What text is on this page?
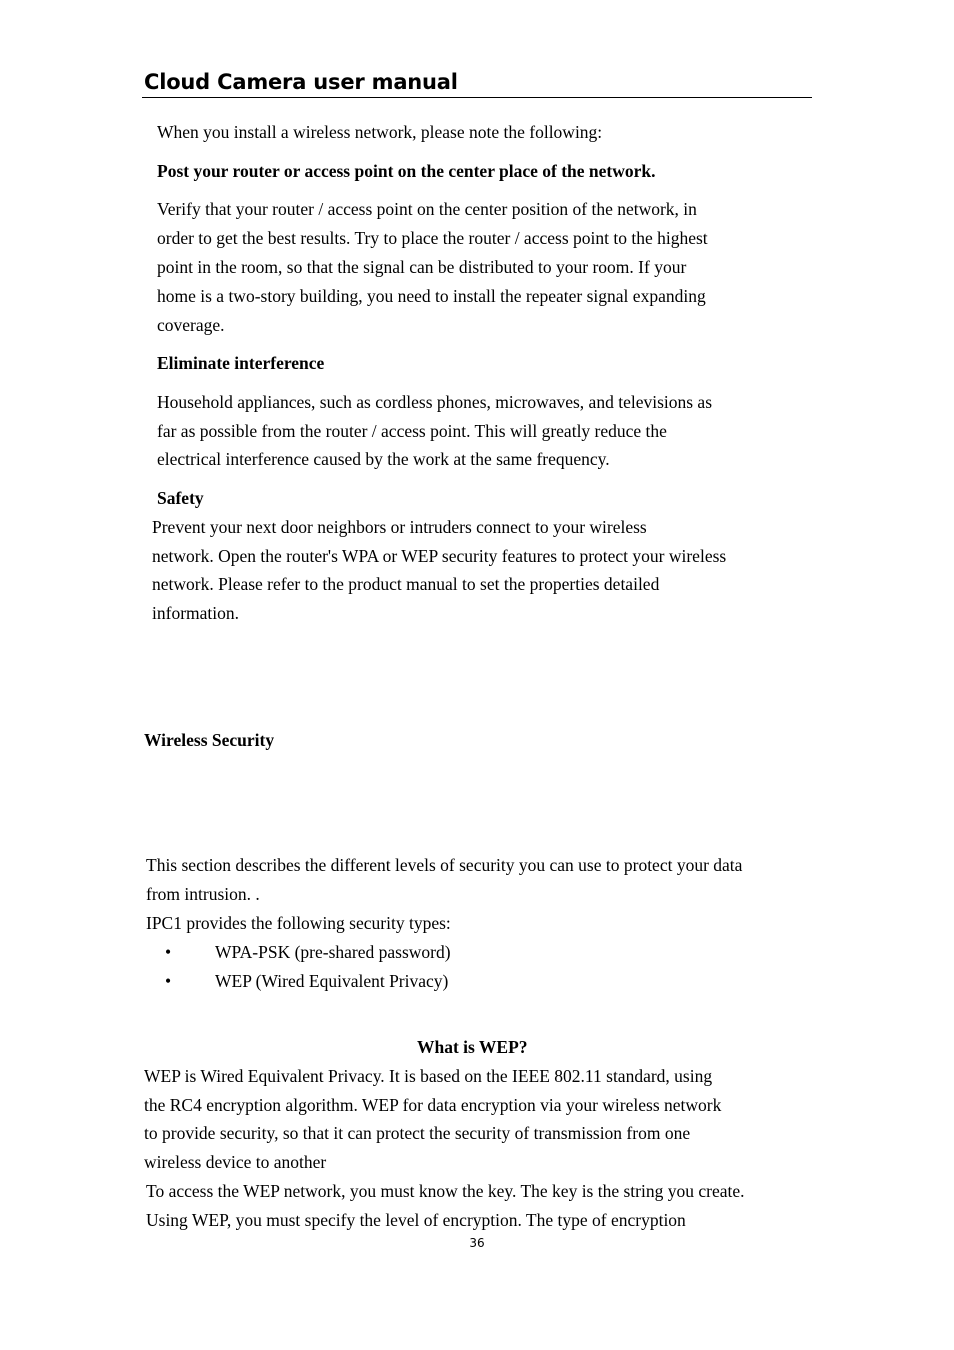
Cloud Camera user manual

When you install a wireless network, please note the following:

Post your router or access point on the center place of the network.

Verify that your router / access point on the center position of the network, in

order to get the best results. Try to place the router / access point to the highest

point in the room, so that the signal can be distributed to your room. If your

home is a two-story building, you need to install the repeater signal expanding

coverage.

Eliminate interference

Household appliances, such as cordless phones, microwaves, and televisions as

far as possible from the router / access point. This will greatly reduce the

electrical interference caused by the work at the same frequency.

Safety

Prevent your next door neighbors or intruders connect to your wireless

network. Open the router's WPA or WEP security features to protect your wireless

network. Please refer to the product manual to set the properties detailed

information.

Wireless Security

This section describes the different levels of security you can use to protect your data

from intrusion. .

IPC1 provides the following security types:

•	WPA-PSK (pre-shared password)

•	WEP (Wired Equivalent Privacy)

What is WEP?

WEP is Wired Equivalent Privacy. It is based on the IEEE 802.11 standard, using

the RC4 encryption algorithm. WEP for data encryption via your wireless network

to provide security, so that it can protect the security of transmission from one

wireless device to another

To access the WEP network, you must know the key. The key is the string you create.

Using WEP, you must specify the level of encryption. The type of encryption

36
